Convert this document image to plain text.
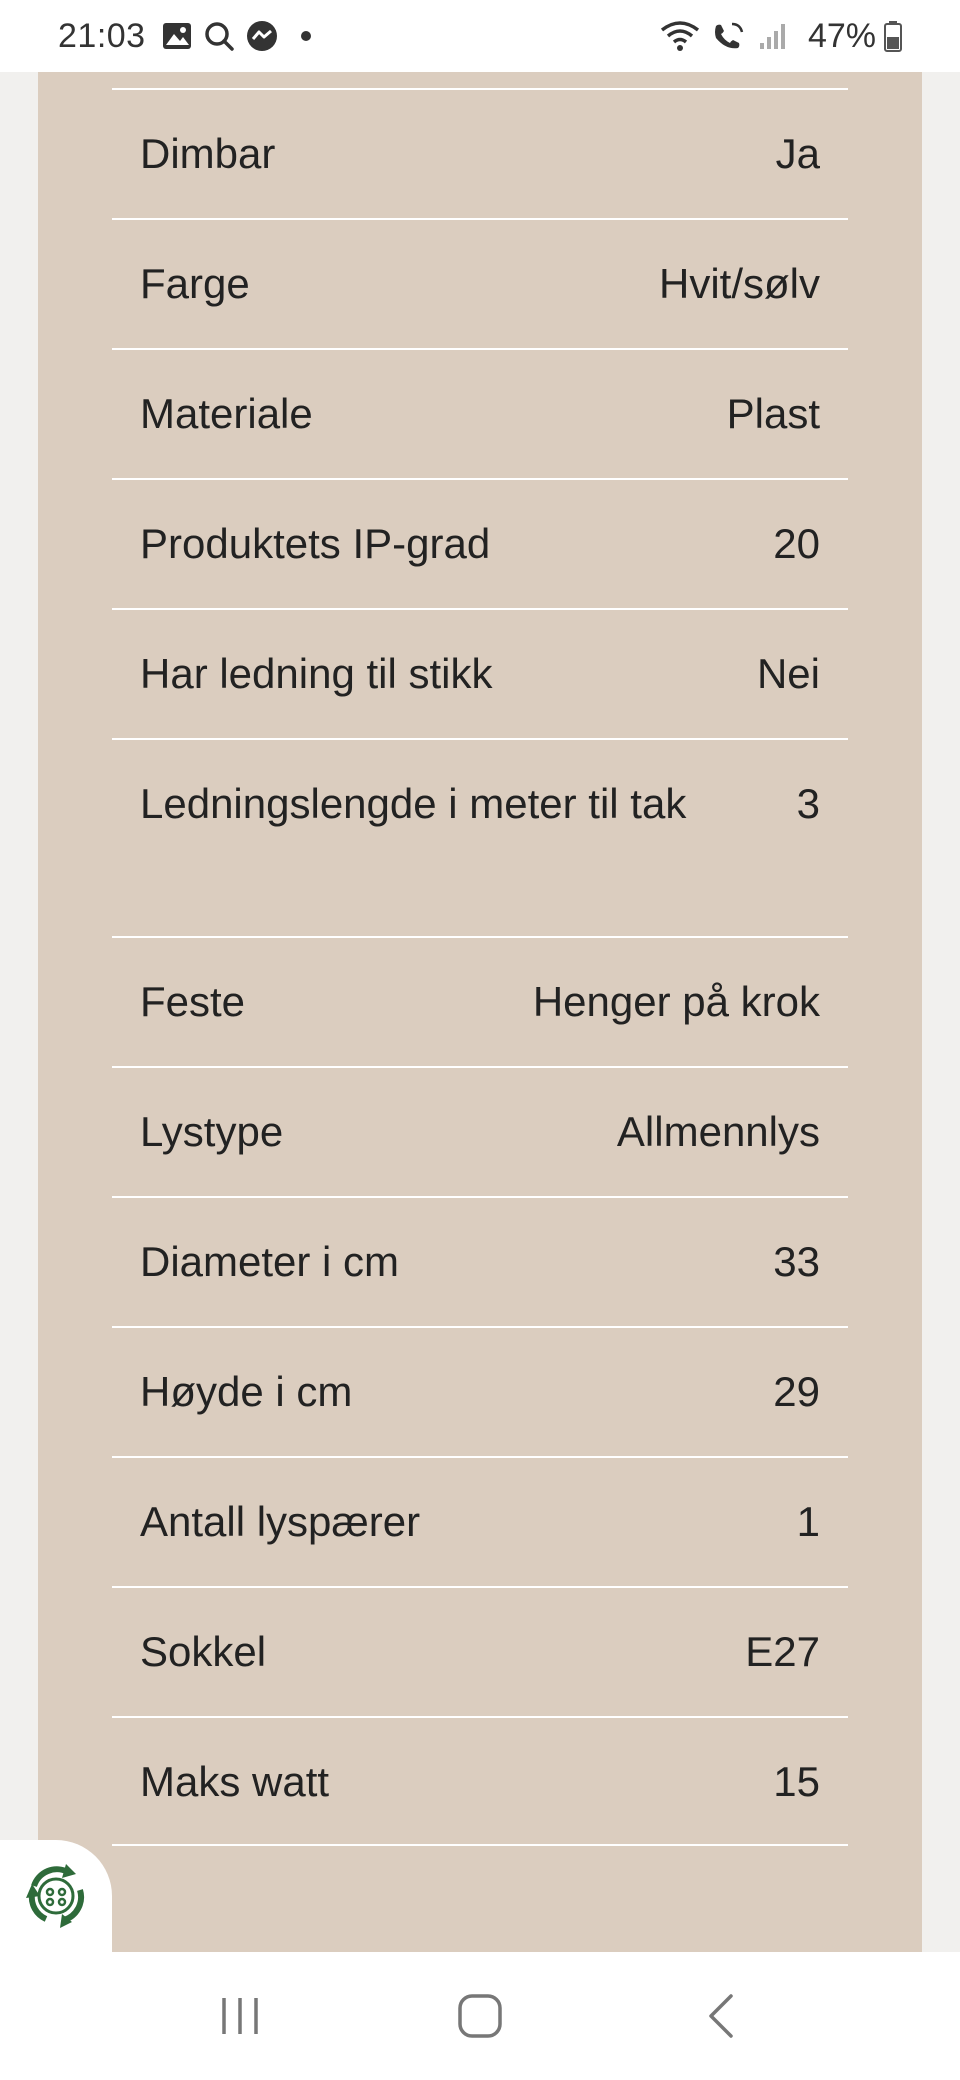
21:03	47%
Dimbar	Ja
Farge	Hvit/sølv
Materiale	Plast
Produktets IP-grad	20
Har ledning til stikk	Nei
Ledningslengde i meter til tak	3
Feste	Henger på krok
Lystype	Allmennlys
Diameter i cm	33
Høyde i cm	29
Antall lyspærer	1
Sokkel	E27
Maks watt	15
